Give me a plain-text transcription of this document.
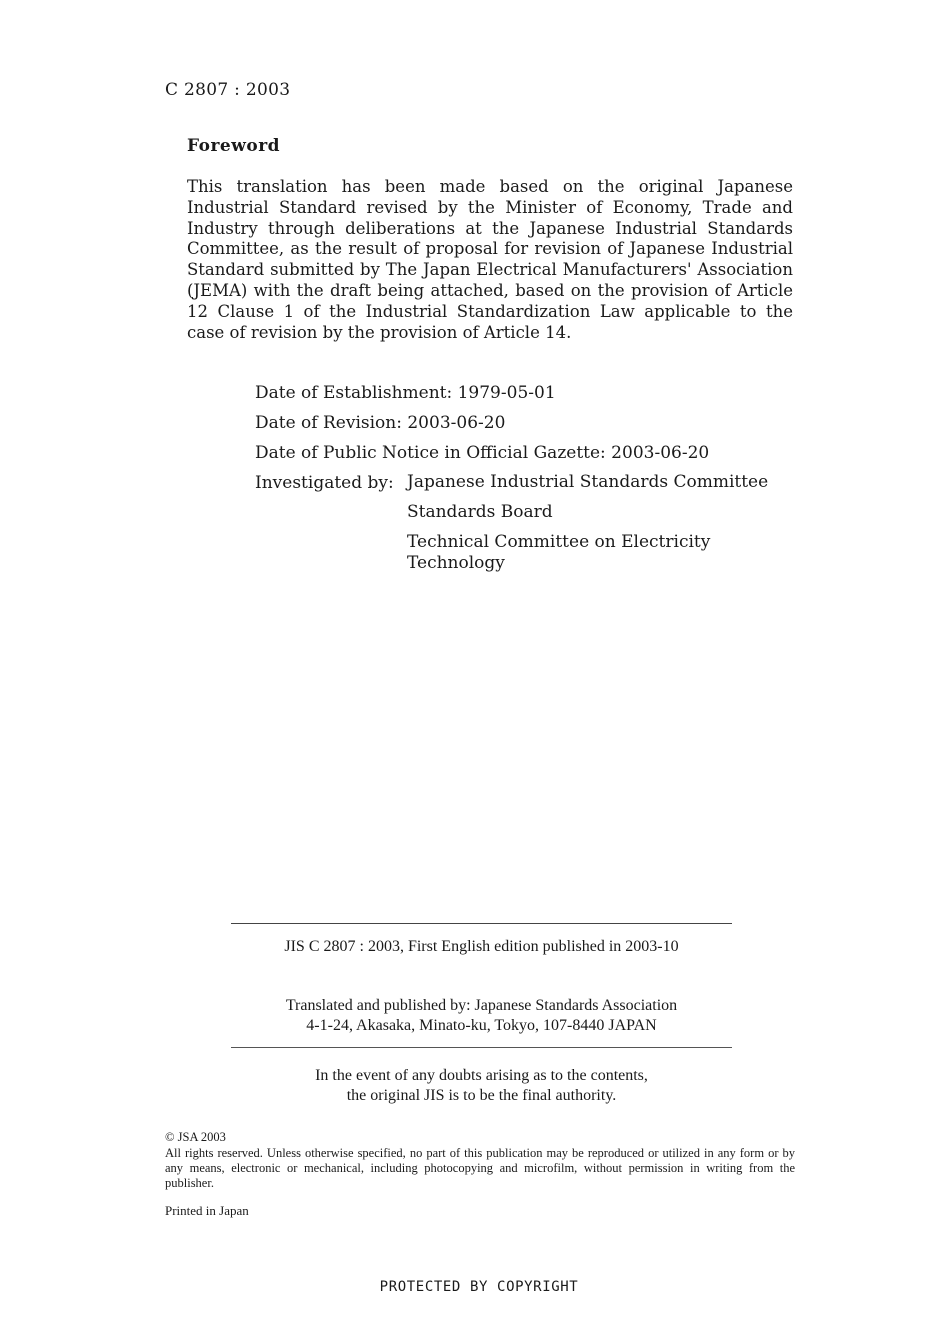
C 2807 : 2003
Foreword

This translation has been made based on the original Japanese Industrial Standard revised by the Minister of Economy, Trade and Industry through deliberations at the Japanese Industrial Standards Committee, as the result of proposal for revision of Japanese Industrial Standard submitted by The Japan Electrical Manufacturers' Association (JEMA) with the draft being attached, based on the provision of Article 12 Clause 1 of the Industrial Standardization Law applicable to the case of revision by the provision of Article 14.

Date of Establishment: 1979-05-01
Date of Revision: 2003-06-20
Date of Public Notice in Official Gazette: 2003-06-20
Investigated by: Japanese Industrial Standards Committee
Standards Board
Technical Committee on Electricity Technology
JIS C 2807 : 2003, First English edition published in 2003-10
Translated and published by: Japanese Standards Association
4-1-24, Akasaka, Minato-ku, Tokyo, 107-8440 JAPAN
In the event of any doubts arising as to the contents,
the original JIS is to be the final authority.

© JSA 2003

All rights reserved. Unless otherwise specified, no part of this publication may be reproduced or utilized in any form or by any means, electronic or mechanical, including photocopying and microfilm, without permission in writing from the publisher.

Printed in Japan
PROTECTED BY COPYRIGHT
